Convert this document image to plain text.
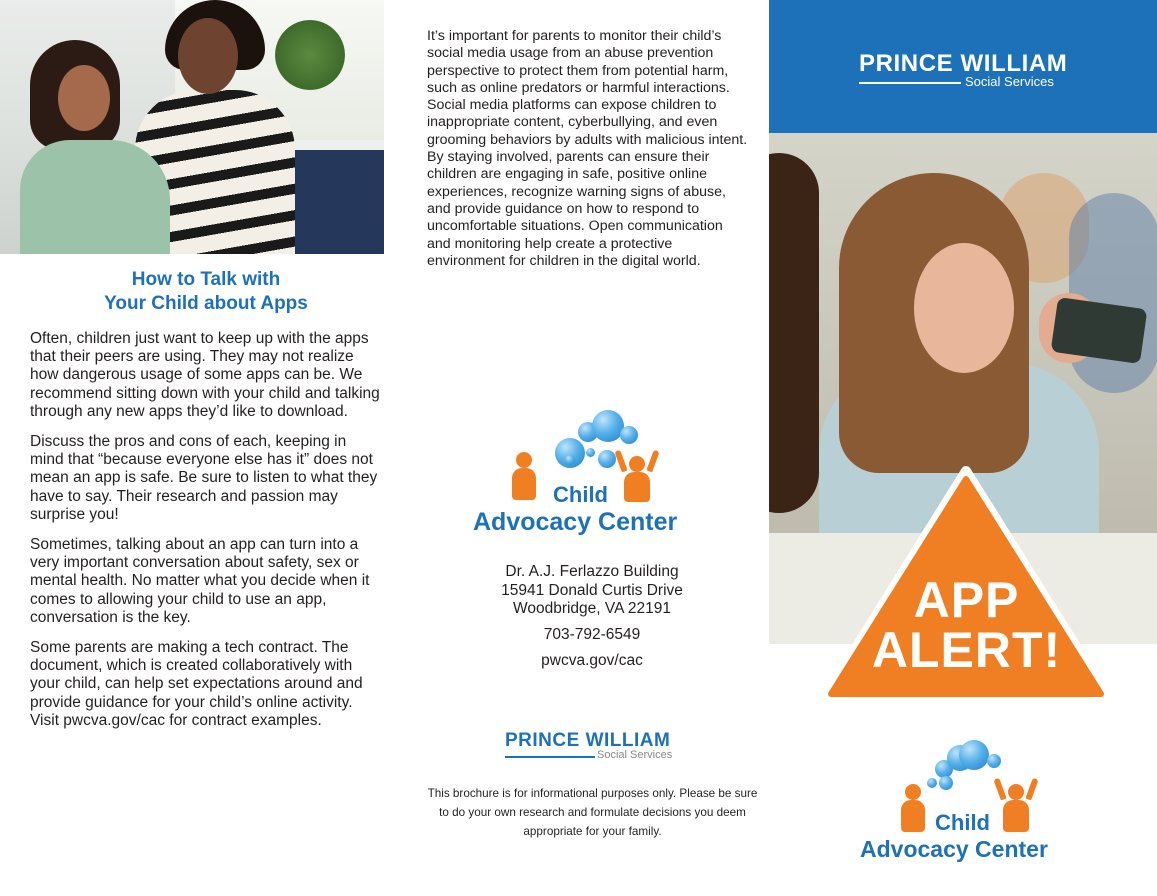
How to Talk with
Your Child about Apps

Often, children just want to keep up with the apps that their peers are using. They may not realize how dangerous usage of some apps can be. We recommend sitting down with your child and talking through any new apps they’d like to download.

Discuss the pros and cons of each, keeping in mind that “because everyone else has it” does not mean an app is safe. Be sure to listen to what they have to say. Their research and passion may surprise you!

Sometimes, talking about an app can turn into a very important conversation about safety, sex or mental health. No matter what you decide when it comes to allowing your child to use an app, conversation is the key.

Some parents are making a tech contract. The document, which is created collaboratively with your child, can help set expectations around and provide guidance for your child’s online activity. Visit pwcva.gov/cac for contract examples.

It’s important for parents to monitor their child’s social media usage from an abuse prevention perspective to protect them from potential harm, such as online predators or harmful interactions. Social media platforms can expose children to inappropriate content, cyberbullying, and even grooming behaviors by adults with malicious intent. By staying involved, parents can ensure their children are engaging in safe, positive online experiences, recognize warning signs of abuse, and provide guidance on how to respond to uncomfortable situations. Open communication and monitoring help create a protective environment for children in the digital world.
Child
Advocacy Center
Dr. A.J. Ferlazzo Building
15941 Donald Curtis Drive
Woodbridge, VA 22191
703-792-6549
pwcva.gov/cac
PRINCE WILLIAM
Social Services
This brochure is for informational purposes only. Please be sure to do your own research and formulate decisions you deem appropriate for your family.
PRINCE WILLIAM
Social Services
APP
ALERT!
Child
Advocacy Center
